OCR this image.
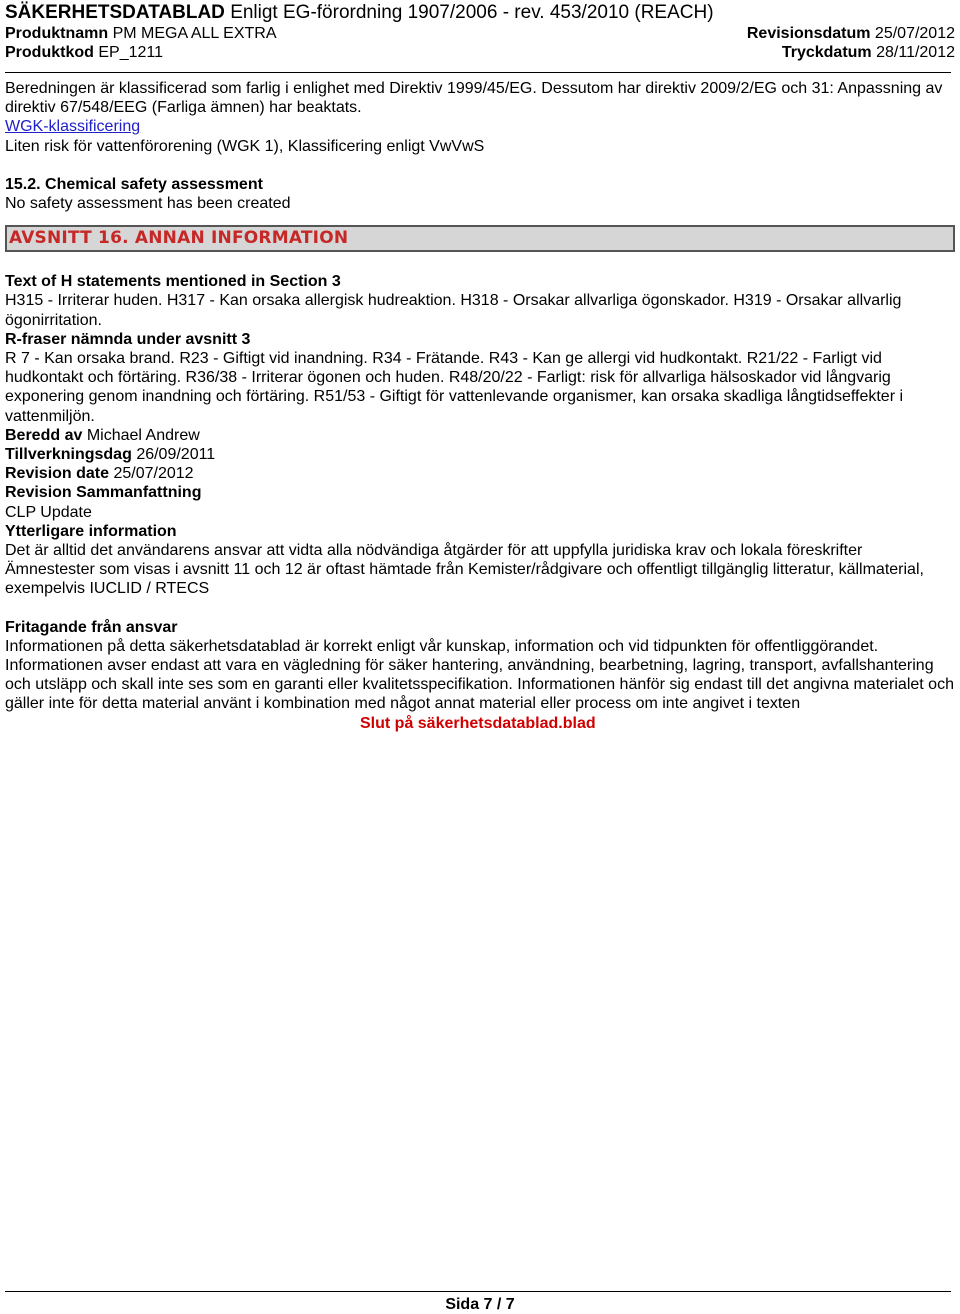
SÄKERHETSDATABLAD Enligt EG-förordning 1907/2006 - rev. 453/2010 (REACH)
Produktnamn PM MEGA ALL EXTRA	Revisionsdatum 25/07/2012
Produktkod EP_1211	Tryckdatum 28/11/2012

Beredningen är klassificerad som farlig i enlighet med Direktiv 1999/45/EG. Dessutom har direktiv 2009/2/EG och 31: Anpassning av direktiv 67/548/EEG (Farliga ämnen) har beaktats.

WGK-klassificering

Liten risk för vattenförorening (WGK 1), Klassificering enligt VwVwS

15.2. Chemical safety assessment

No safety assessment has been created

AVSNITT 16. ANNAN INFORMATION

Text of H statements mentioned in Section 3

H315 - Irriterar huden. H317 - Kan orsaka allergisk hudreaktion. H318 - Orsakar allvarliga ögonskador. H319 - Orsakar allvarlig ögonirritation.

R-fraser nämnda under avsnitt 3

R 7 - Kan orsaka brand. R23 - Giftigt vid inandning. R34 - Frätande. R43 - Kan ge allergi vid hudkontakt. R21/22 - Farligt vid hudkontakt och förtäring. R36/38 - Irriterar ögonen och huden. R48/20/22 - Farligt: risk för allvarliga hälsoskador vid långvarig exponering genom inandning och förtäring. R51/53 - Giftigt för vattenlevande organismer, kan orsaka skadliga långtidseffekter i vattenmiljön.

Beredd av Michael Andrew

Tillverkningsdag 26/09/2011

Revision date 25/07/2012

Revision Sammanfattning

CLP Update

Ytterligare information

Det är alltid det användarens ansvar att vidta alla nödvändiga åtgärder för att uppfylla juridiska krav och lokala föreskrifter

Ämnestester som visas i avsnitt 11 och 12 är oftast hämtade från Kemister/rådgivare och offentligt tillgänglig litteratur, källmaterial, exempelvis IUCLID / RTECS

Fritagande från ansvar

Informationen på detta säkerhetsdatablad är korrekt enligt vår kunskap, information och vid tidpunkten för offentliggörandet.

Informationen avser endast att vara en vägledning för säker hantering, användning, bearbetning, lagring, transport, avfallshantering och utsläpp och skall inte ses som en garanti eller kvalitetsspecifikation. Informationen hänför sig endast till det angivna materialet och gäller inte för detta material använt i kombination med något annat material eller process om inte angivet i texten

Slut på säkerhetsdatablad.blad

Sida 7 / 7
